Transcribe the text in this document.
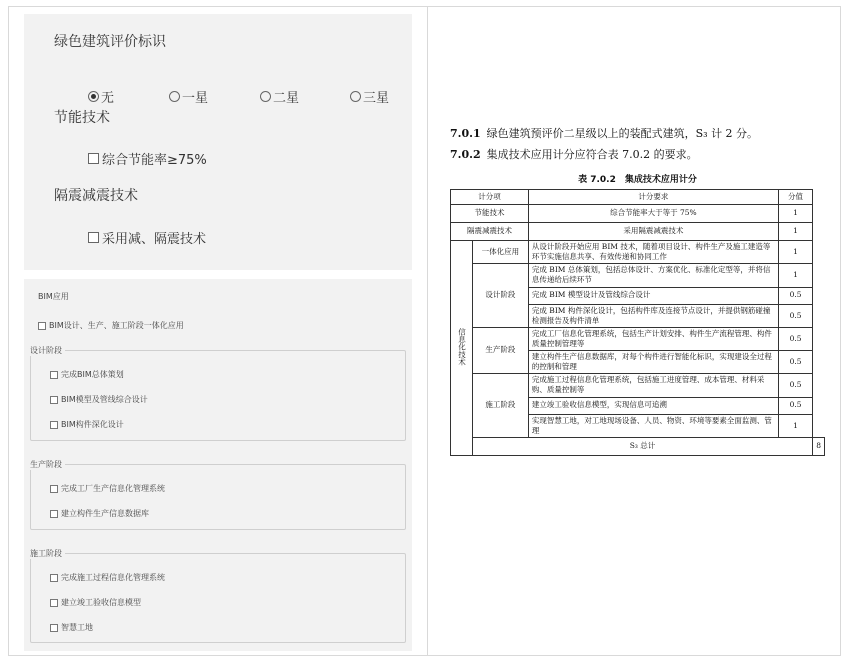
绿色建筑评价标识
无	一星	二星	三星
节能技术
综合节能率≥75%
隔震减震技术
采用减、隔震技术
BIM应用
BIM设计、生产、施工阶段一体化应用
设计阶段
完成BIM总体策划
BIM模型及管线综合设计
BIM构件深化设计
生产阶段
完成工厂生产信息化管理系统
建立构件生产信息数据库
施工阶段
完成施工过程信息化管理系统
建立竣工验收信息模型
智慧工地
7.0.1 绿色建筑预评价二星级以上的装配式建筑，S₃ 计 2 分。
7.0.2 集成技术应用计分应符合表 7.0.2 的要求。
表 7.0.2　集成技术应用计分
计分项		计分要求	分值	
节能技术		综合节能率大于等于 75%	1	
隔震减震技术		采用隔震减震技术	1	
信息化技术	一体化应用	从设计阶段开始应用 BIM 技术，随着项目设计、构件生产及施工建造等环节实施信息共享、有效传递和协同工作	1	
	设计阶段	完成 BIM 总体策划，包括总体设计、方案优化、标准化定型等，并将信息传递给后续环节	1	
		完成 BIM 模型设计及管线综合设计	0.5	
		完成 BIM 构件深化设计，包括构件库及连接节点设计，并提供钢筋碰撞检测报告及构件清单	0.5	
	生产阶段	完成工厂信息化管理系统，包括生产计划安排、构件生产流程管理、构件质量控制管理等	0.5	
		建立构件生产信息数据库，对每个构件进行智能化标识，实现建设全过程的控制和管理	0.5	
	施工阶段	完成施工过程信息化管理系统，包括施工进度管理、成本管理、材料采购、质量控制等	0.5	
		建立竣工验收信息模型，实现信息可追溯	0.5	
		实现智慧工地，对工地现场设备、人员、物资、环境等要素全面监测、管理	1	
	S₃ 总计			8
